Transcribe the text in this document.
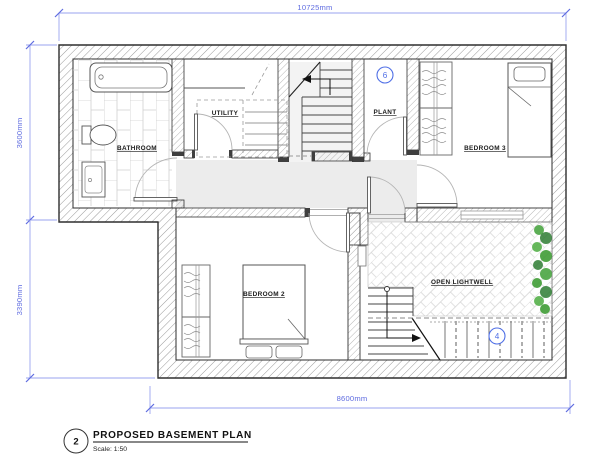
10725mm
3600mm
3390mm
8600mm
BATHROOM
UTILITY	PLANT
6
BEDROOM 3
BEDROOM 2
OPEN LIGHTWELL
4
2
PROPOSED BASEMENT PLAN
Scale: 1:50
